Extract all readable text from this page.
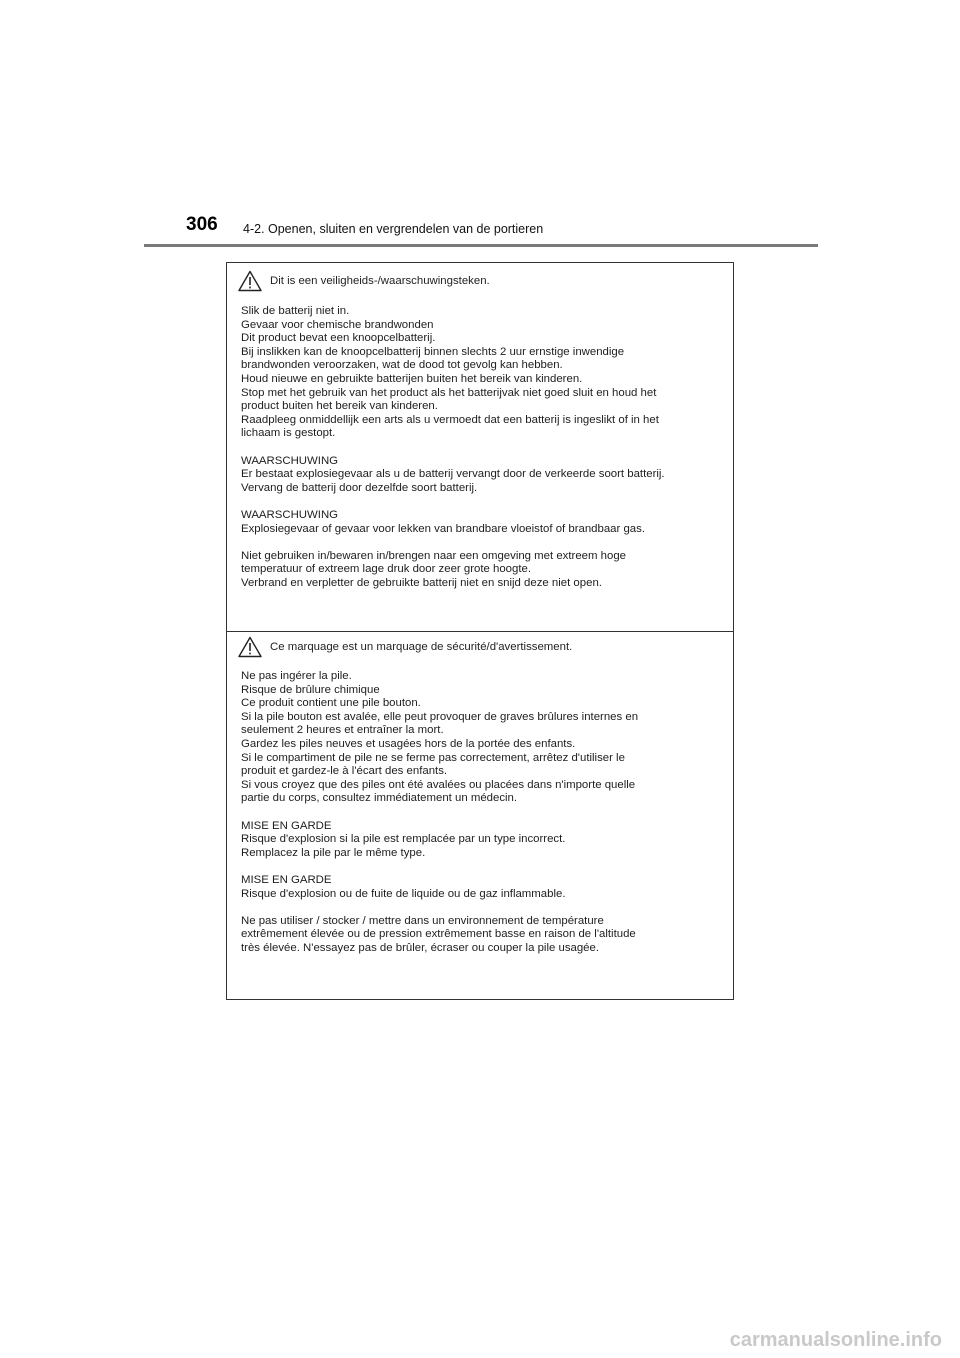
306 4-2. Openen, sluiten en vergrendelen van de portieren
Dit is een veiligheids-/waarschuwingsteken.
Slik de batterij niet in.
Gevaar voor chemische brandwonden
Dit product bevat een knoopcelbatterij.
Bij inslikken kan de knoopcelbatterij binnen slechts 2 uur ernstige inwendige
brandwonden veroorzaken, wat de dood tot gevolg kan hebben.
Houd nieuwe en gebruikte batterijen buiten het bereik van kinderen.
Stop met het gebruik van het product als het batterijvak niet goed sluit en houd het
product buiten het bereik van kinderen.
Raadpleeg onmiddellijk een arts als u vermoedt dat een batterij is ingeslikt of in het
lichaam is gestopt.
WAARSCHUWING
Er bestaat explosiegevaar als u de batterij vervangt door de verkeerde soort batterij.
Vervang de batterij door dezelfde soort batterij.
WAARSCHUWING
Explosiegevaar of gevaar voor lekken van brandbare vloeistof of brandbaar gas.
Niet gebruiken in/bewaren in/brengen naar een omgeving met extreem hoge
temperatuur of extreem lage druk door zeer grote hoogte.
Verbrand en verpletter de gebruikte batterij niet en snijd deze niet open.
Ce marquage est un marquage de sécurité/d'avertissement.
Ne pas ingérer la pile.
Risque de brûlure chimique
Ce produit contient une pile bouton.
Si la pile bouton est avalée, elle peut provoquer de graves brûlures internes en
seulement 2 heures et entraîner la mort.
Gardez les piles neuves et usagées hors de la portée des enfants.
Si le compartiment de pile ne se ferme pas correctement, arrêtez d'utiliser le
produit et gardez-le à l'écart des enfants.
Si vous croyez que des piles ont été avalées ou placées dans n'importe quelle
partie du corps, consultez immédiatement un médecin.
MISE EN GARDE
Risque d'explosion si la pile est remplacée par un type incorrect.
Remplacez la pile par le même type.
MISE EN GARDE
Risque d'explosion ou de fuite de liquide ou de gaz inflammable.
Ne pas utiliser / stocker / mettre dans un environnement de température
extrêmement élevée ou de pression extrêmement basse en raison de l'altitude
très élevée. N'essayez pas de brûler, écraser ou couper la pile usagée.
carmanualsonline.info
